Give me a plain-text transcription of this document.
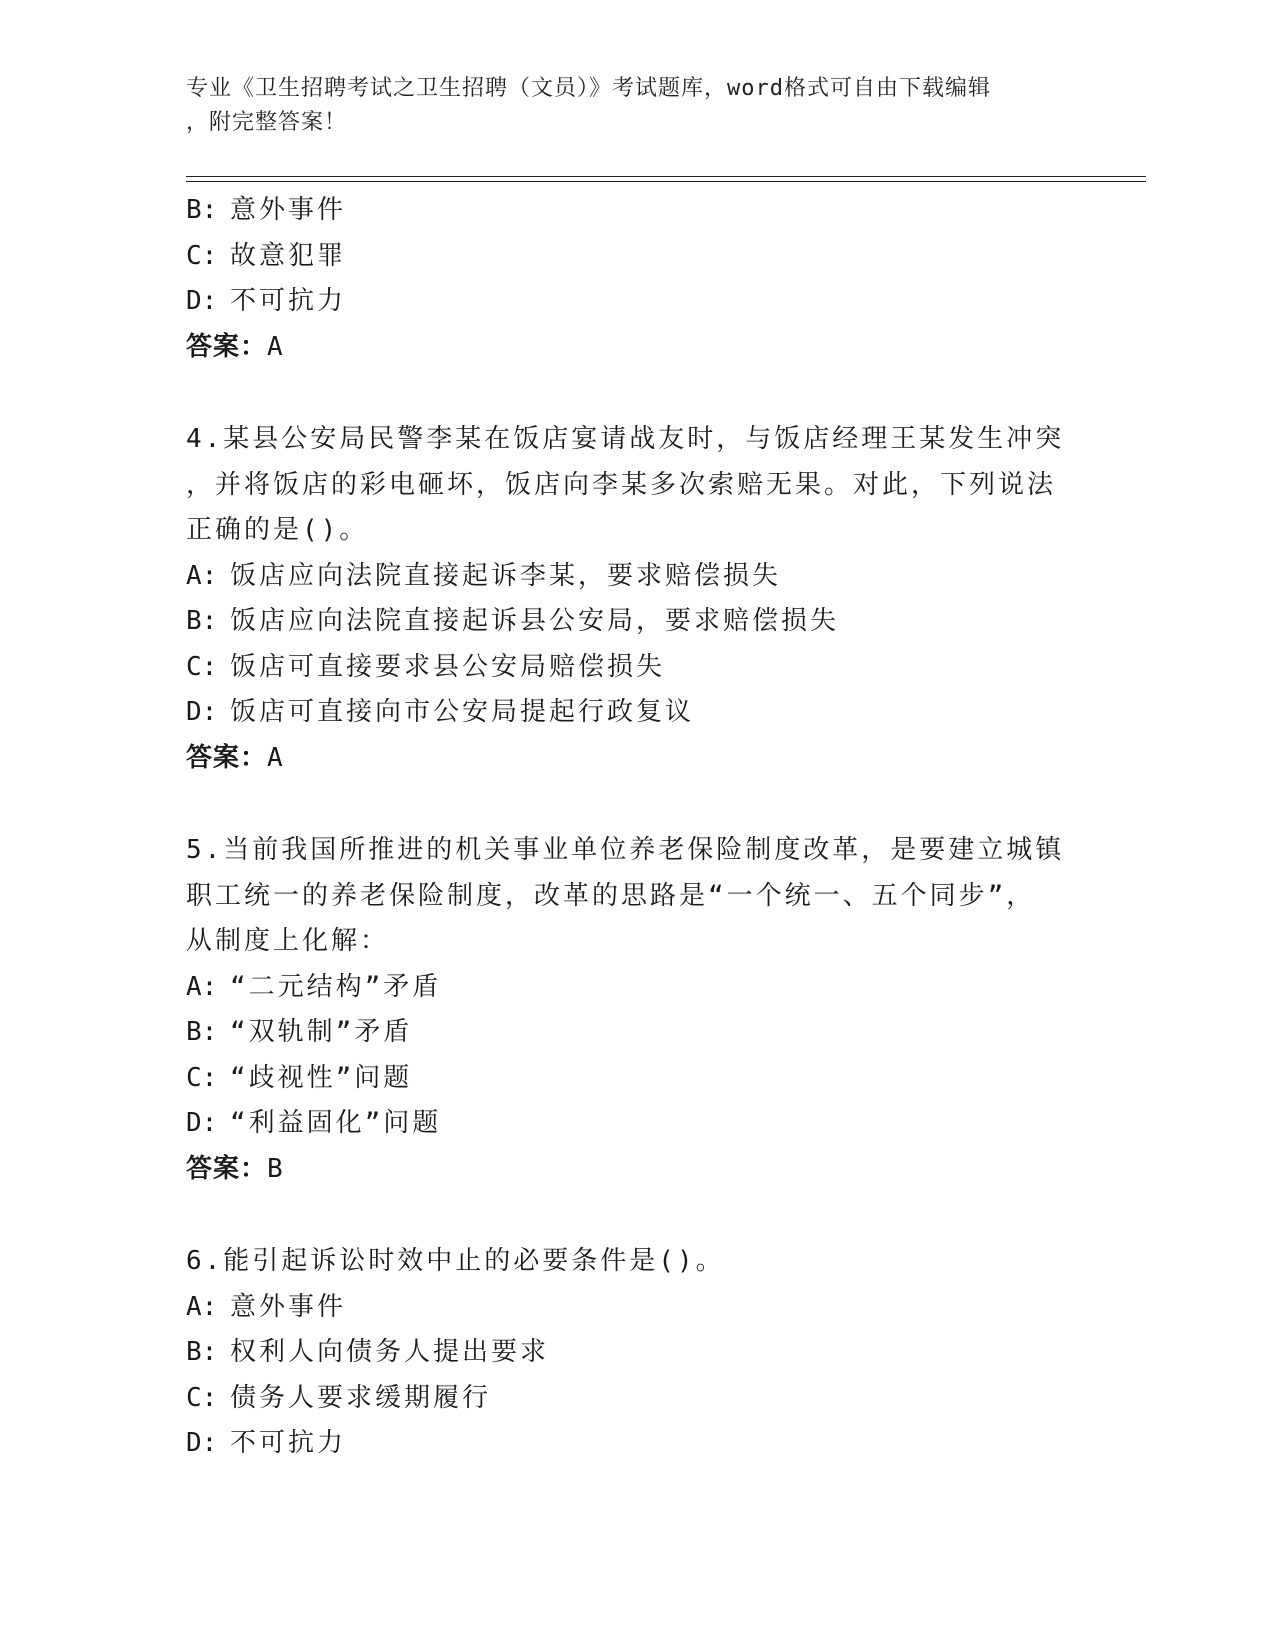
专业《卫生招聘考试之卫生招聘（文员）》考试题库，word格式可自由下载编辑
，附完整答案！
B: 意外事件
C: 故意犯罪
D: 不可抗力
答案：A
4.某县公安局民警李某在饭店宴请战友时，与饭店经理王某发生冲突
，并将饭店的彩电砸坏，饭店向李某多次索赔无果。对此，下列说法
正确的是()。
A: 饭店应向法院直接起诉李某，要求赔偿损失
B: 饭店应向法院直接起诉县公安局，要求赔偿损失
C: 饭店可直接要求县公安局赔偿损失
D: 饭店可直接向市公安局提起行政复议
答案：A
5.当前我国所推进的机关事业单位养老保险制度改革，是要建立城镇
职工统一的养老保险制度，改革的思路是“一个统一、五个同步”，
从制度上化解：
A: “二元结构”矛盾
B: “双轨制”矛盾
C: “歧视性”问题
D: “利益固化”问题
答案：B
6.能引起诉讼时效中止的必要条件是()。
A: 意外事件
B: 权利人向债务人提出要求
C: 债务人要求缓期履行
D: 不可抗力
